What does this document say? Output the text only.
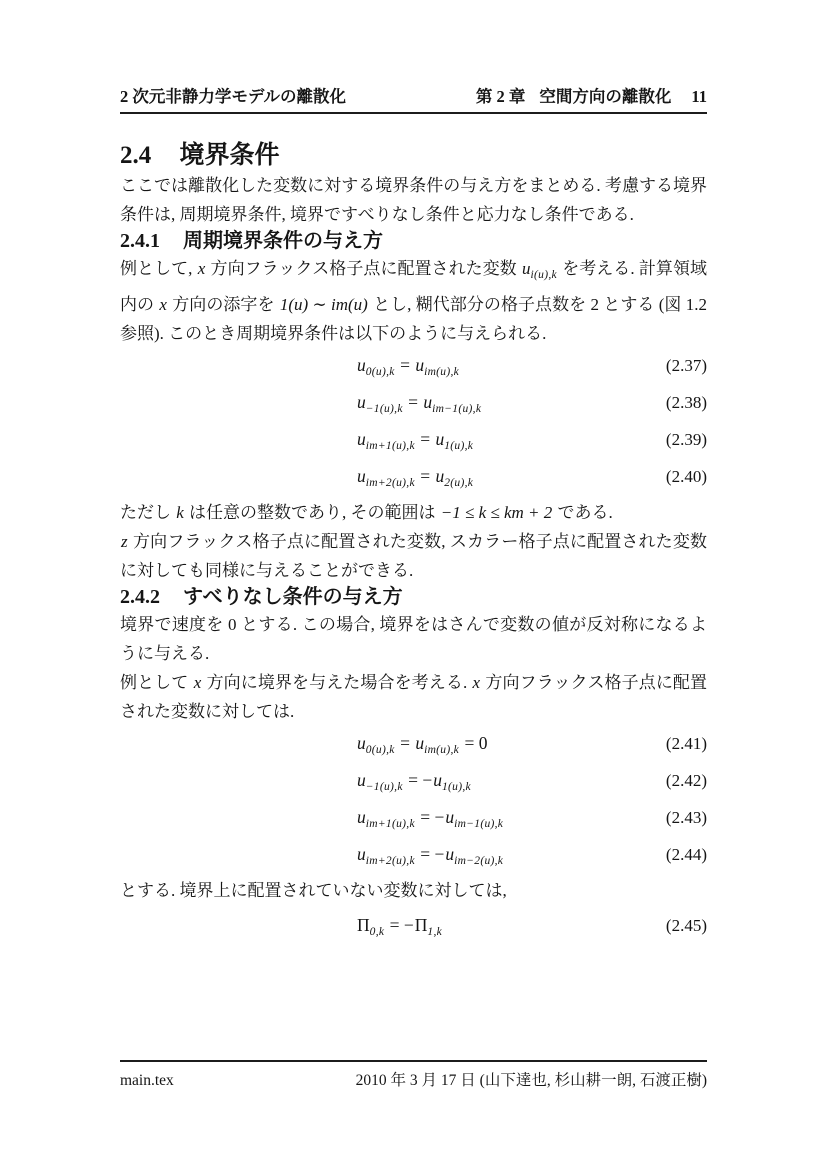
2 次元非静力学モデルの離散化	第 2 章 空間方向の離散化 11
2.4 境界条件

ここでは離散化した変数に対する境界条件の与え方をまとめる. 考慮する境界条件は, 周期境界条件, 境界ですべりなし条件と応力なし条件である.

2.4.1 周期境界条件の与え方

例として, x 方向フラックス格子点に配置された変数 $u_{i(u),k}$ を考える. 計算領域内の x 方向の添字を 1(u) ∼ im(u) とし, 糊代部分の格子点数を 2 とする (図 1.2 参照). このとき周期境界条件は以下のように与えられる.

$u_{0(u),k} = u_{im(u),k}$	(2.37)
$u_{-1(u),k} = u_{im-1(u),k}$	(2.38)
$u_{im+1(u),k} = u_{1(u),k}$	(2.39)
$u_{im+2(u),k} = u_{2(u),k}$	(2.40)

ただし k は任意の整数であり, その範囲は −1 ≤ k ≤ km + 2 である.

z 方向フラックス格子点に配置された変数, スカラー格子点に配置された変数に対しても同様に与えることができる.

2.4.2 すべりなし条件の与え方

境界で速度を 0 とする. この場合, 境界をはさんで変数の値が反対称になるように与える.

例として x 方向に境界を与えた場合を考える. x 方向フラックス格子点に配置された変数に対しては.

$u_{0(u),k} = u_{im(u),k} = 0$	(2.41)
$u_{-1(u),k} = -u_{1(u),k}$	(2.42)
$u_{im+1(u),k} = -u_{im-1(u),k}$	(2.43)
$u_{im+2(u),k} = -u_{im-2(u),k}$	(2.44)

とする. 境界上に配置されていない変数に対しては,

$\Pi_{0,k} = -\Pi_{1,k}$	(2.45)
main.tex	2010 年 3 月 17 日 (山下達也, 杉山耕一朗, 石渡正樹)
